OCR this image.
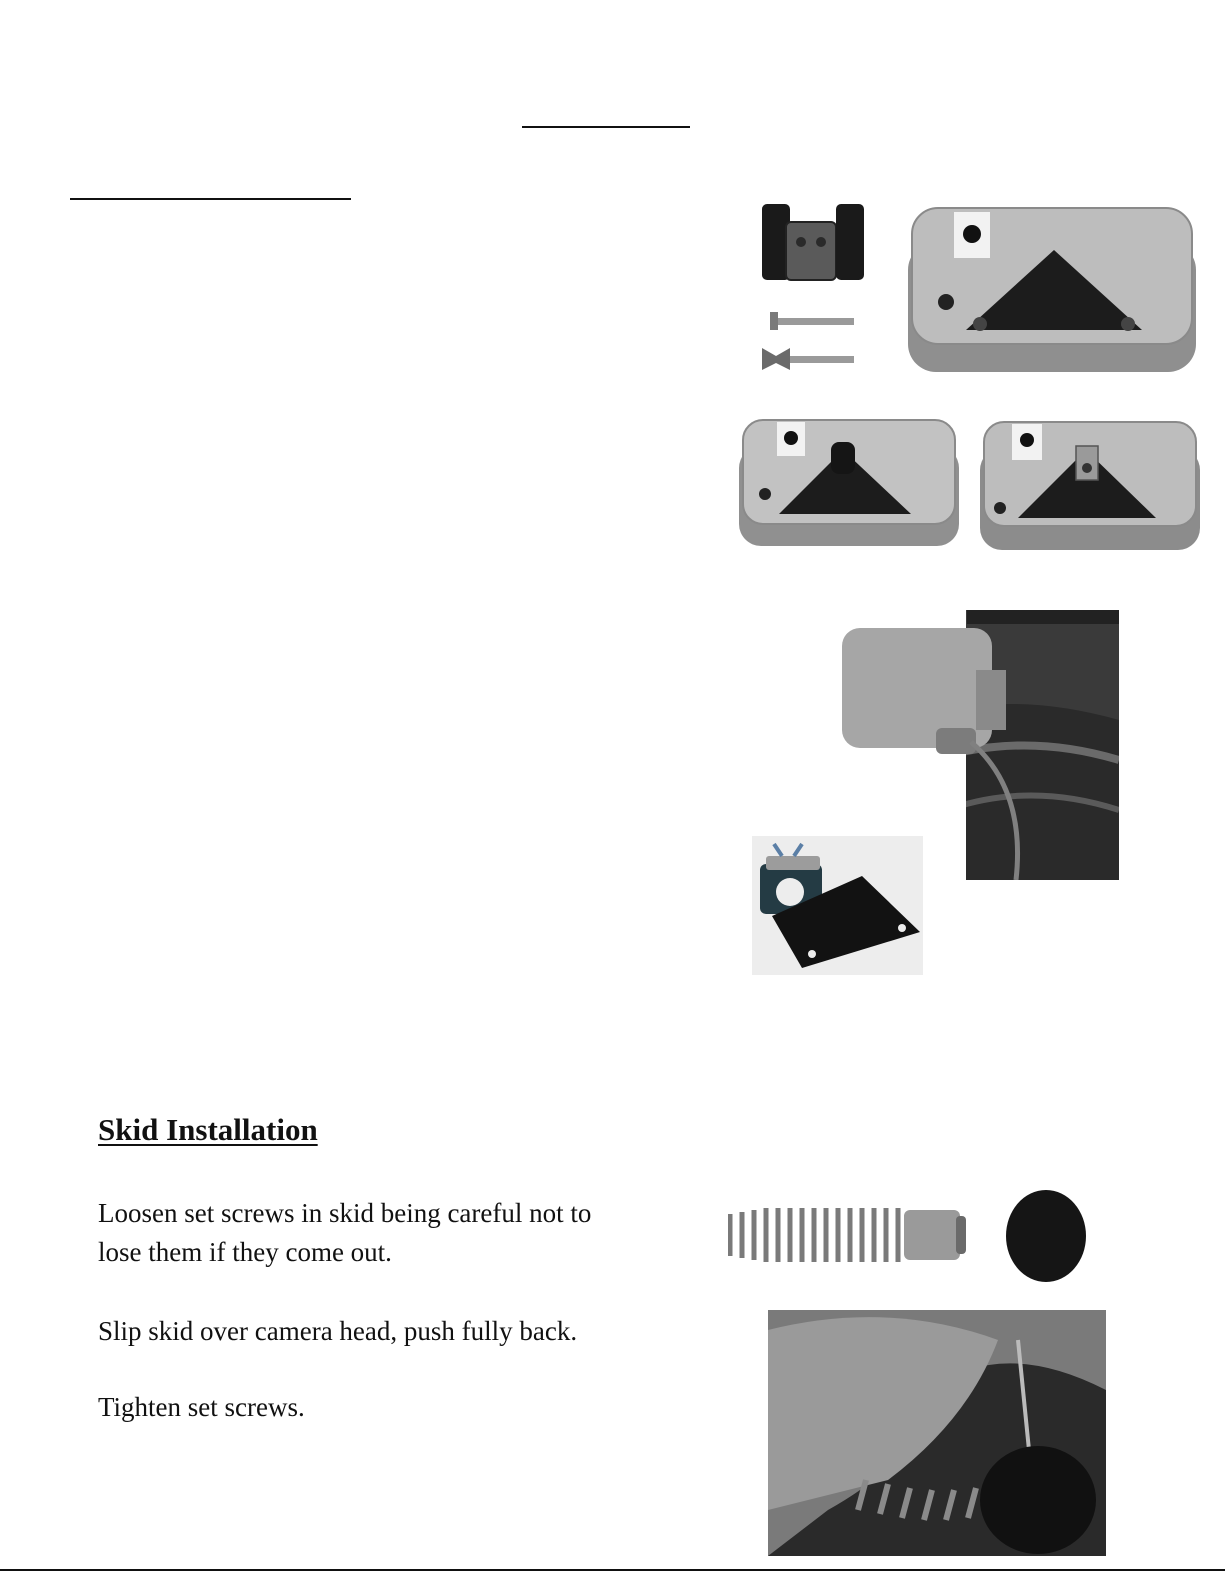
Skid Installation
Loosen set screws in skid being careful not to
lose them if they come out.
Slip skid over camera head, push fully back.
Tighten set screws.
